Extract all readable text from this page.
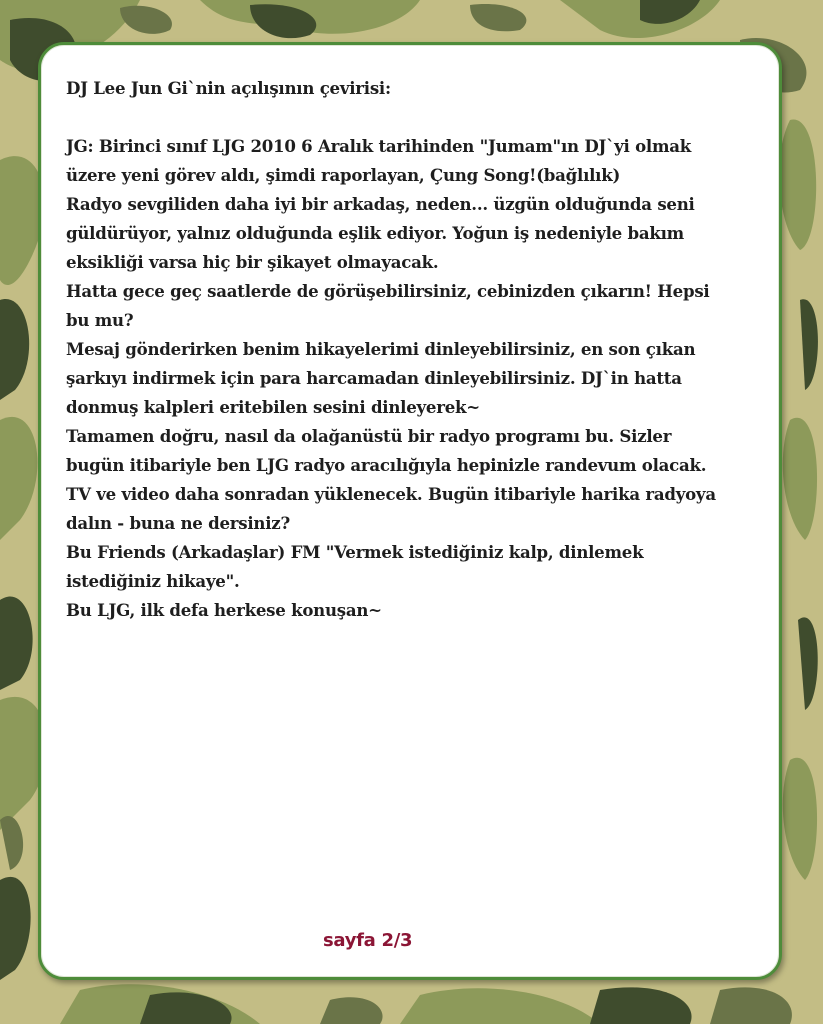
DJ Lee Jun Gi`nin açılışının çevirisi:

JG: Birinci sınıf LJG 2010 6 Aralık tarihinden "Jumam"ın DJ`yi olmak

üzere yeni görev aldı, şimdi raporlayan, Çung Song!(bağlılık)

Radyo sevgiliden daha iyi bir arkadaş, neden... üzgün olduğunda seni

güldürüyor, yalnız olduğunda eşlik ediyor. Yoğun iş nedeniyle bakım

eksikliği varsa hiç bir şikayet olmayacak.

Hatta gece geç saatlerde de görüşebilirsiniz, cebinizden çıkarın! Hepsi

bu mu?

Mesaj gönderirken benim hikayelerimi dinleyebilirsiniz, en son çıkan

şarkıyı indirmek için para harcamadan dinleyebilirsiniz. DJ`in hatta

donmuş kalpleri eritebilen sesini dinleyerek~

Tamamen doğru, nasıl da olağanüstü bir radyo programı bu. Sizler

bugün itibariyle ben LJG radyo aracılığıyla hepinizle randevum olacak.

TV ve video daha sonradan yüklenecek. Bugün itibariyle harika radyoya

dalın - buna ne dersiniz?

Bu Friends (Arkadaşlar) FM "Vermek istediğiniz kalp, dinlemek

istediğiniz hikaye".

Bu LJG, ilk defa herkese konuşan~

sayfa 2/3
